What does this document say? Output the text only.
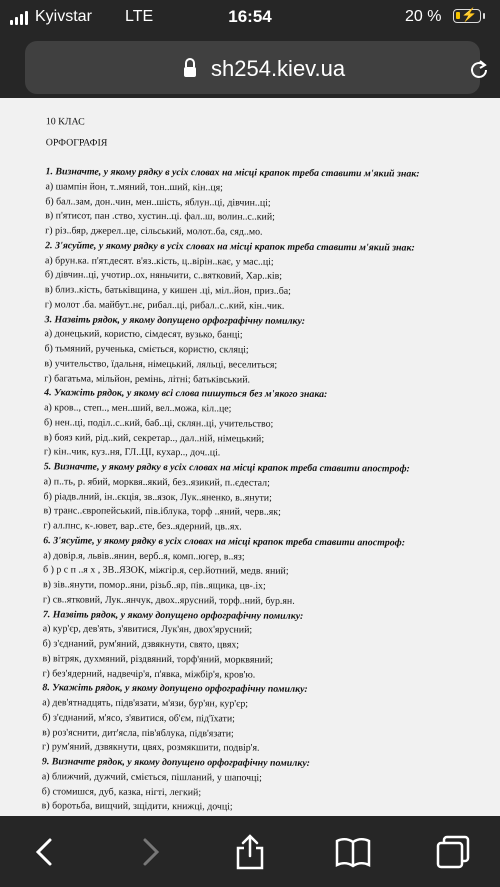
Kyivstar LTE	16:54	20 % ⚡
sh254.kiev.ua
10 КЛАС
ОРФОГРАФІЯ
1. Визначте, у якому рядку в усіх словах на місці крапок треба ставити м'який знак:
а) шампін йон, т..мяний, тон..ший, кін..ця;
б) бал..зам, дон..чин, мен..шість, яблун..ці, дівчин..ці;
в) п'ятисот, пан .ство, хустин..ці. фал..ш, волин..с..кий;
г) різ..бяр, джерел..це, сільський, молот..ба, сяд..мо.
2. З'ясуйте, у якому рядку в усіх словах на місці крапок треба ставити м'який знак:
а) брун.ка. п'ят.десят. в'яз..кість, ц..вірін..кає, у мас..ці;
б) дівчин..ці, учотир..ох, няньчити, с..вятковий, Хар..ків;
в) близ..кість, батьківщина, у кишен .ці, міл..йон, приз..ба;
г) молот .ба. майбут..нє, рибал..ці, рибал..с..кий, кін..чик.
3. Назвіть рядок, у якому допущено орфографічну помилку:
а) донецький, користю, сімдесят, вузько, банці;
б) тьмяний, рученька, сміється, користю, скляці;
в) учительство, їдальня, німецький, ляльці, веселиться;
г) багатьма, мільйон, ремінь, літні; батьківський.
4. Укажіть рядок, у якому всі слова пишуться без м'якого знака:
а) кров.., степ.., мен..ший, вел..можа, кіл..це;
б) нен..ці, поділ..с..кий, баб..ці, склян..ці, учительство;
в) бояз кий, рід..кий, секретар.., дал..ній, німецький;
г) кін..чик, куз..ня, ГЛ..ЦІ, кухар.., доч..ці.
5. Визначте, у якому рядку в усіх словах на місці крапок треба ставити апостроф:
а) п..ть, р. ябий, морквя..який, без..язикий, п..єдестал;
б) ріадв.лний, ін..єкція, зв..язок, Лук..яненко, в..янути;
в) транс..європейський, пів.іблука, торф ..яний, черв..як;
г) ал.пнс, к-.ювет, вар..єте, без..ядерний, цв..ях.
6. З'ясуйте, у якому рядку в усіх словах на місці крапок треба ставити апостроф:
а) довір.я, львів..янин, верб..я, комп..югер, в..яз;
б ) р с п ..я х , ЗВ..ЯЗОК, міжгір.я, сер.йотний, медв. яний;
в) зів..янути, помор..яни, різьб..яр, пів..ящика, цв-.іх;
г) св..ятковий, Лук..янчук, двох..ярусний, торф..ний, бур.ян.
7. Назвіть рядок, у якому допущено орфографічну помилку:
а) кур'єр, дев'ять, з'явитися, Лук'ян, двох'ярусний;
б) з'єднаний, рум'яний, дзвякнути, свято, цвях;
в) вітряк, духмяний, різдвяний, торф'яний, морквяний;
г) без'ядерний, надвечір'я, п'явка, міжбір'я, кров'ю.
8. Укажіть рядок, у якому допущено орфографічну помилку:
а) дев'ятнадцять, підв'язати, м'язи, бур'ян, кур'єр;
б) з'єднаний, м'ясо, з'явитися, об'єм, під'їхати;
в) роз'яснити, дит'ясла, пів'яблука, підв'язати;
г) рум'яний, дзвякнути, цвях, розмякшити, подвір'я.
9. Визначте рядок, у якому допущено орфографічну помилку:
а) ближчий, дужчий, сміється, пішланий, у шапочці;
б) стомишся, дуб, казка, нігті, легкий;
в) боротьба, вищчий, зщідити, книжці, дочці;
